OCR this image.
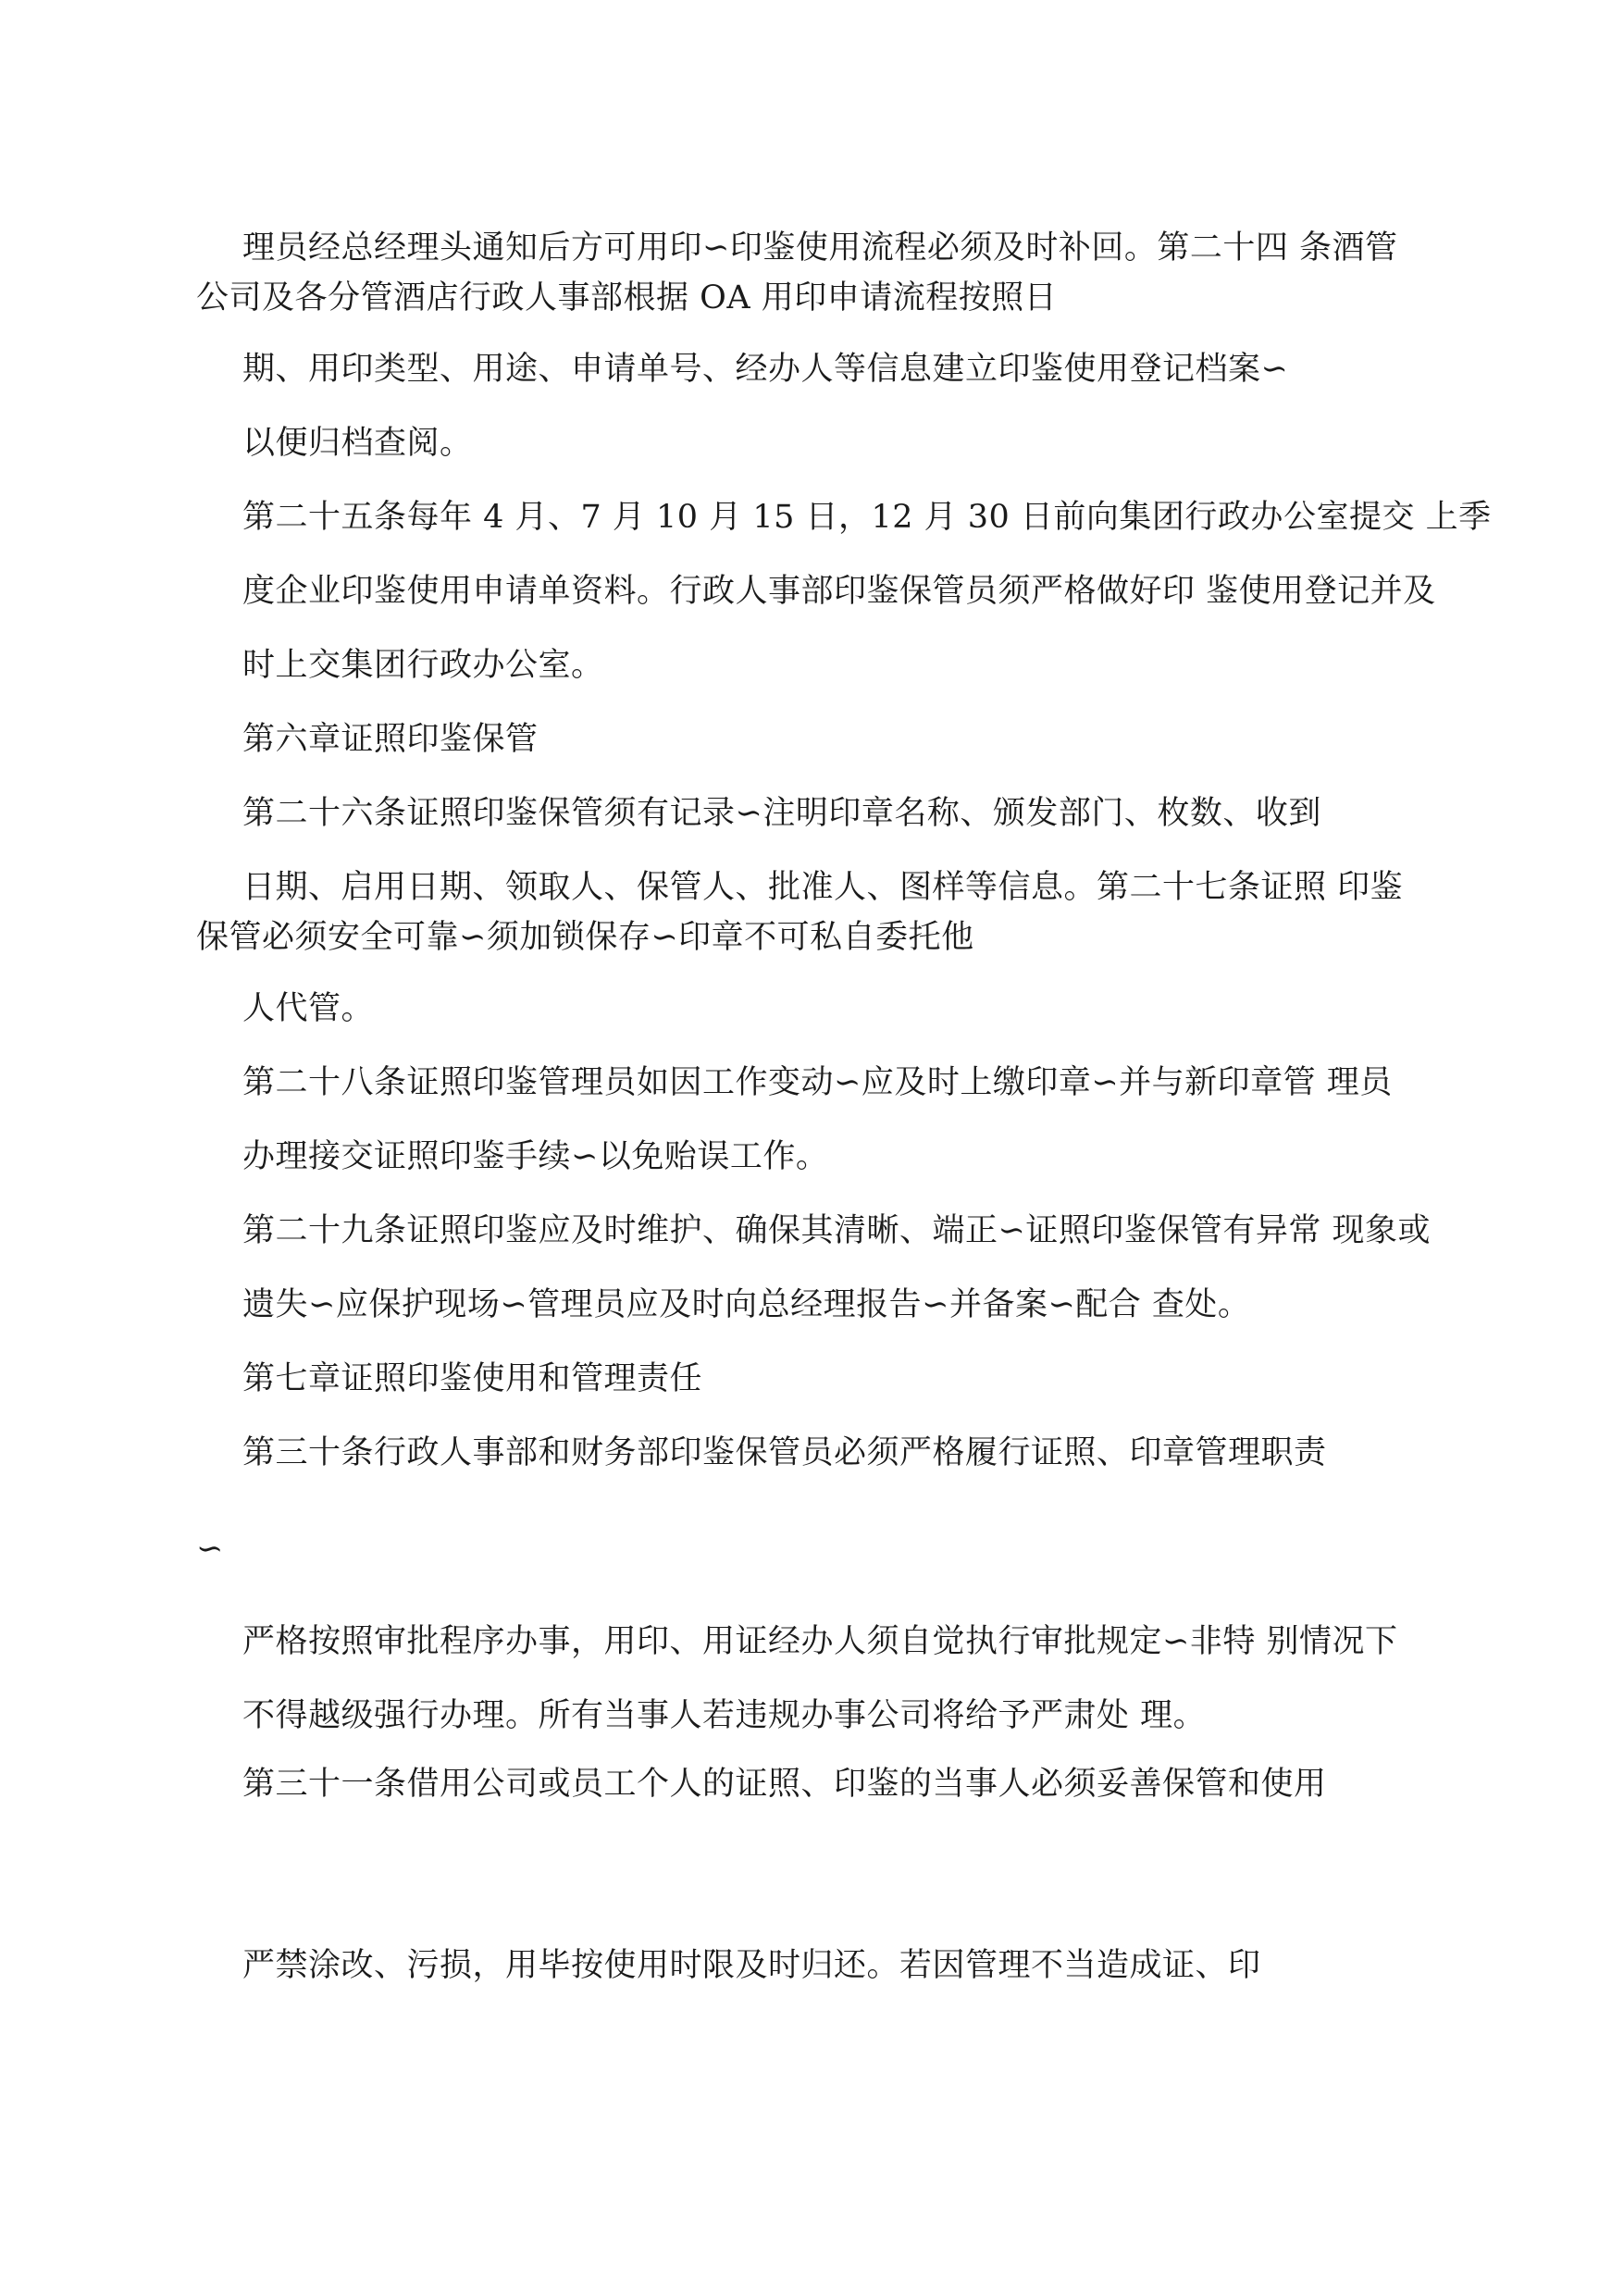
理员经总经理头通知后方可用印∽印鉴使用流程必须及时补回。第二十四 条酒管
公司及各分管酒店行政人事部根据 OA 用印申请流程按照日
期、用印类型、用途、申请单号、经办人等信息建立印鉴使用登记档案∽
以便归档查阅。
第二十五条每年 4 月、7 月 10 月 15 日，12 月 30 日前向集团行政办公室提交 上季
度企业印鉴使用申请单资料。行政人事部印鉴保管员须严格做好印 鉴使用登记并及
时上交集团行政办公室。
第六章证照印鉴保管
第二十六条证照印鉴保管须有记录∽注明印章名称、颁发部门、枚数、收到
日期、启用日期、领取人、保管人、批准人、图样等信息。第二十七条证照 印鉴
保管必须安全可靠∽须加锁保存∽印章不可私自委托他
人代管。
第二十八条证照印鉴管理员如因工作变动∽应及时上缴印章∽并与新印章管 理员
办理接交证照印鉴手续∽以免贻误工作。
第二十九条证照印鉴应及时维护、确保其清晰、端正∽证照印鉴保管有异常 现象或
遗失∽应保护现场∽管理员应及时向总经理报告∽并备案∽配合 查处。
第七章证照印鉴使用和管理责任
第三十条行政人事部和财务部印鉴保管员必须严格履行证照、印章管理职责
∽
严格按照审批程序办事，用印、用证经办人须自觉执行审批规定∽非特 别情况下
不得越级强行办理。所有当事人若违规办事公司将给予严肃处 理。
第三十一条借用公司或员工个人的证照、印鉴的当事人必须妥善保管和使用
严禁涂改、污损，用毕按使用时限及时归还。若因管理不当造成证、印
